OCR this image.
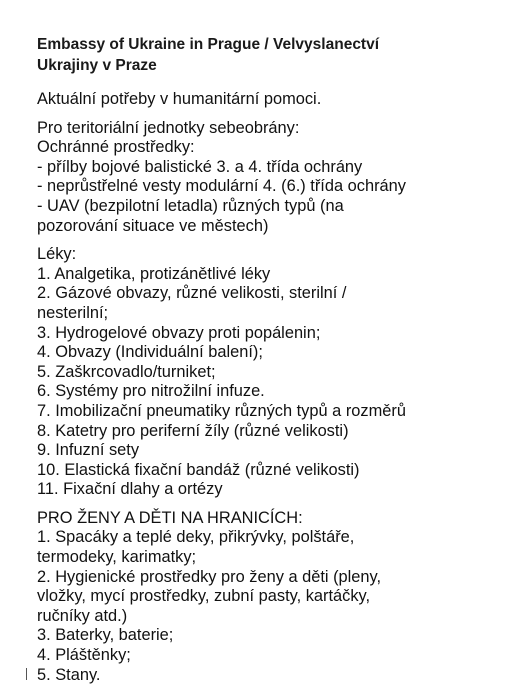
Embassy of Ukraine in Prague / Velvyslanectví
Ukrajiny v Praze
Aktuální potřeby v humanitární pomoci.
Pro teritoriální jednotky sebeobrány:
Ochránné prostředky:
- přílby bojové balistické 3. a 4. třída ochrány
- neprůstřelné vesty modulární 4. (6.) třída ochrány
- UAV (bezpilotní letadla) různých typů (na
pozorování situace ve městech)
Léky:
1. Analgetika, protizánětlivé léky
2. Gázové obvazy, různé velikosti, sterilní /
nesterilní;
3. Hydrogelové obvazy proti popálenin;
4. Obvazy (Individuální balení);
5. Zaškrcovadlo/turniket;
6. Systémy pro nitrožilní infuze.
7. Imobilizační pneumatiky různých typů a rozměrů
8. Katetry pro periferní žíly (různé velikosti)
9. Infuzní sety
10. Elastická fixační bandáž (různé velikosti)
11. Fixační dlahy a ortézy
PRO ŽENY A DĚTI NA HRANICÍCH:
1. Spacáky a teplé deky, přikrývky, polštáře,
termodeky, karimatky;
2. Hygienické prostředky pro ženy a děti (pleny,
vložky, mycí prostředky, zubní pasty, kartáčky,
ručníky atd.)
3. Baterky, baterie;
4. Pláštěnky;
5. Stany.
